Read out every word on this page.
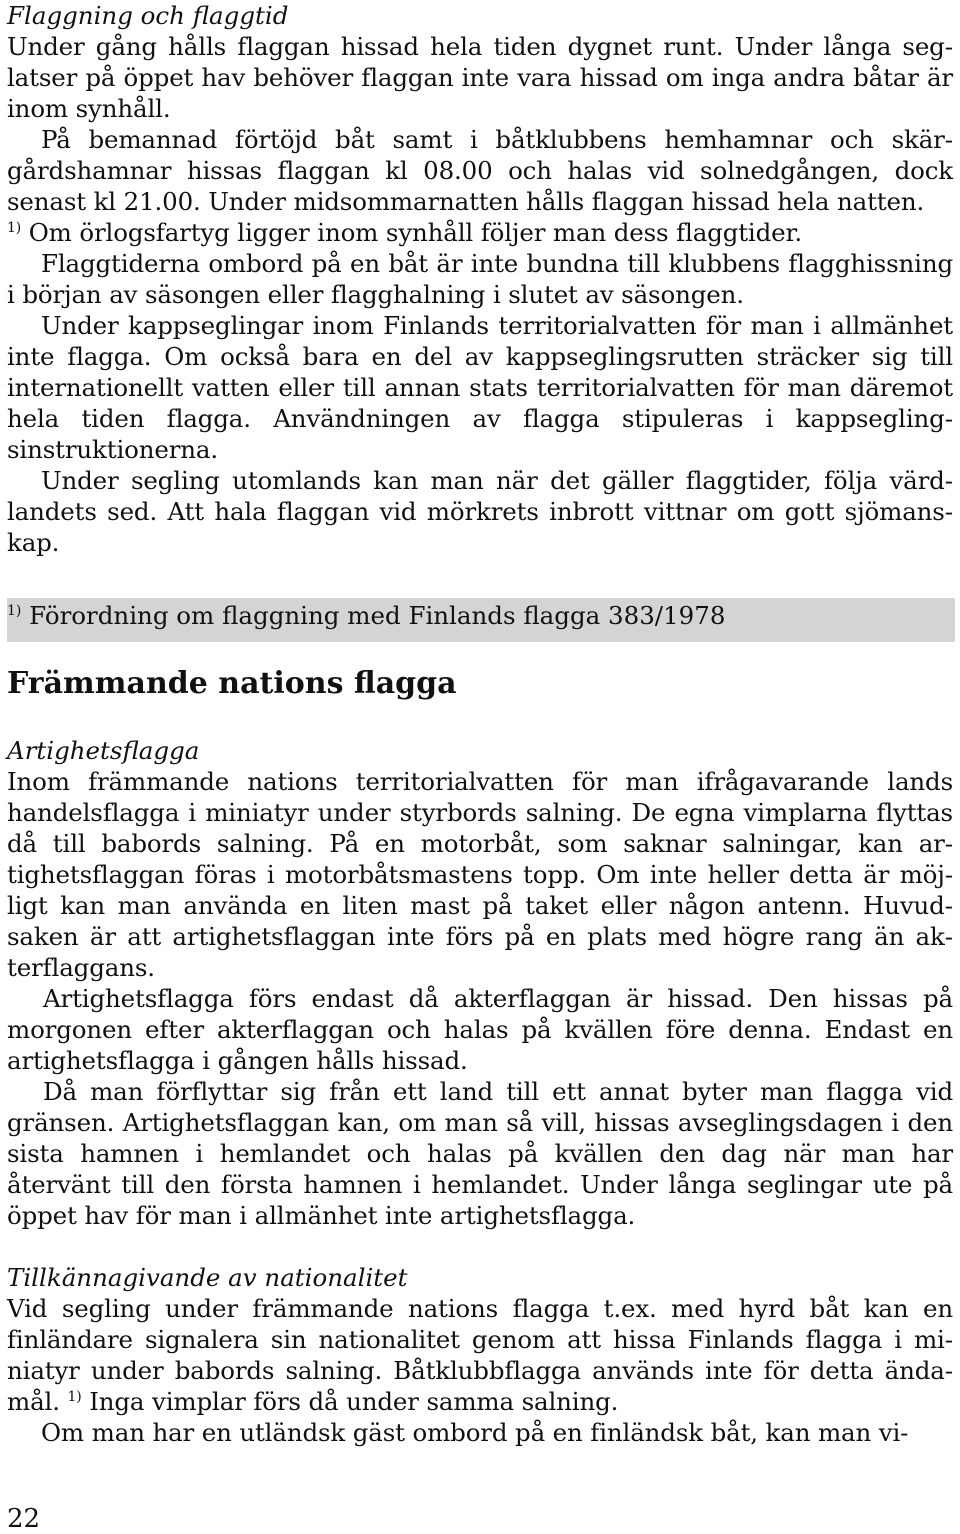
Flaggning och flaggtid

Under gång hålls flaggan hissad hela tiden dygnet runt. Under långa seglatser på öppet hav behöver flaggan inte vara hissad om inga andra båtar är inom synhåll.

På bemannad förtöjd båt samt i båtklubbens hemhamnar och skärgårdshamnar hissas flaggan kl 08.00 och halas vid solnedgången, dock senast kl 21.00. Under midsommarnatten hålls flaggan hissad hela natten.

$^{1)}$ Om örlogsfartyg ligger inom synhåll följer man dess flaggtider.

Flaggtiderna ombord på en båt är inte bundna till klubbens flagghissning i början av säsongen eller flagghalning i slutet av säsongen.

Under kappseglingar inom Finlands territorialvatten för man i allmänhet inte flagga. Om också bara en del av kappseglingsrutten sträcker sig till internationellt vatten eller till annan stats territorialvatten för man däremot hela tiden flagga. Användningen av flagga stipuleras i kappseglingsinstruktionerna.

Under segling utomlands kan man när det gäller flaggtider, följa värdlandets sed. Att hala flaggan vid mörkrets inbrott vittnar om gott sjömanskap.

$^{1)}$ Förordning om flaggning med Finlands flagga 383/1978
Främmande nations flagga

Artighetsflagga

Inom främmande nations territorialvatten för man ifrågavarande lands handelsflagga i miniatyr under styrbords salning. De egna vimplarna flyttas då till babords salning. På en motorbåt, som saknar salningar, kan artighetsflaggan föras i motorbåtsmastens topp. Om inte heller detta är möjligt kan man använda en liten mast på taket eller någon antenn. Huvudsaken är att artighetsflaggan inte förs på en plats med högre rang än akterflaggans.

Artighetsflagga förs endast då akterflaggan är hissad. Den hissas på morgonen efter akterflaggan och halas på kvällen före denna. Endast en artighetsflagga i gången hålls hissad.

Då man förflyttar sig från ett land till ett annat byter man flagga vid gränsen. Artighetsflaggan kan, om man så vill, hissas avseglingsdagen i den sista hamnen i hemlandet och halas på kvällen den dag när man har återvänt till den första hamnen i hemlandet. Under långa seglingar ute på öppet hav för man i allmänhet inte artighetsflagga.

Tillkännagivande av nationalitet

Vid segling under främmande nations flagga t.ex. med hyrd båt kan en finländare signalera sin nationalitet genom att hissa Finlands flagga i miniatyr under babords salning. Båtklubbflagga används inte för detta ändamål. $^{1)}$ Inga vimplar förs då under samma salning.

Om man har en utländsk gäst ombord på en finländsk båt, kan man vi-

22
